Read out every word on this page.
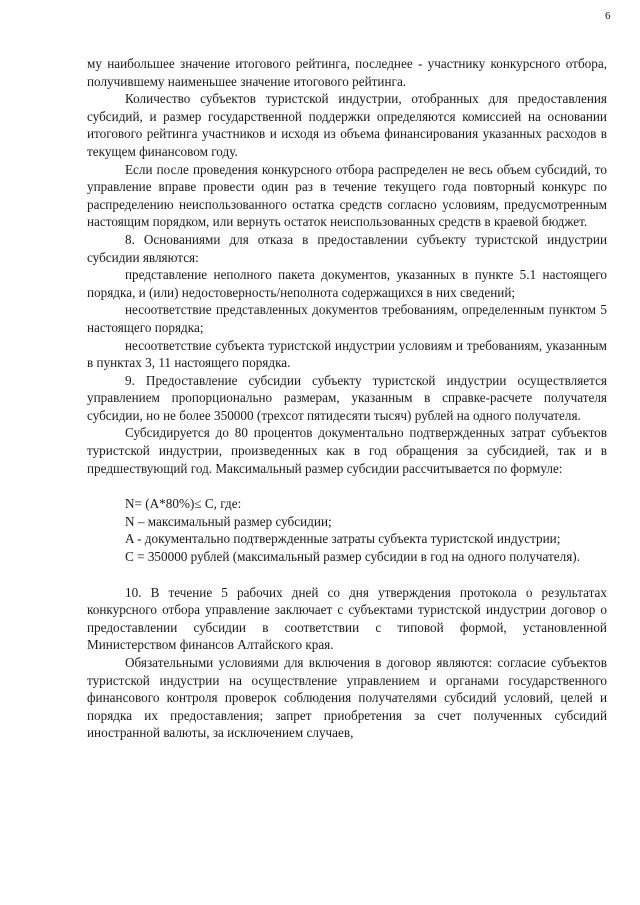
6

му наибольшее значение итогового рейтинга, последнее - участнику конкурсного отбора, получившему наименьшее значение итогового рейтинга.

Количество субъектов туристской индустрии, отобранных для предоставления субсидий, и размер государственной поддержки определяются комиссией на основании итогового рейтинга участников и исходя из объема финансирования указанных расходов в текущем финансовом году.

Если после проведения конкурсного отбора распределен не весь объем субсидий, то управление вправе провести один раз в течение текущего года повторный конкурс по распределению неиспользованного остатка средств согласно условиям, предусмотренным настоящим порядком, или вернуть остаток неиспользованных средств в краевой бюджет.

8. Основаниями для отказа в предоставлении субъекту туристской индустрии субсидии являются:

представление неполного пакета документов, указанных в пункте 5.1 настоящего порядка, и (или) недостоверность/неполнота содержащихся в них сведений;

несоответствие представленных документов требованиям, определенным пунктом 5 настоящего порядка;

несоответствие субъекта туристской индустрии условиям и требованиям, указанным в пунктах 3, 11 настоящего порядка.

9. Предоставление субсидии субъекту туристской индустрии осуществляется управлением пропорционально размерам, указанным в справке-расчете получателя субсидии, но не более 350000 (трехсот пятидесяти тысяч) рублей на одного получателя.

Субсидируется до 80 процентов документально подтвержденных затрат субъектов туристской индустрии, произведенных как в год обращения за субсидией, так и в предшествующий год. Максимальный размер субсидии рассчитывается по формуле:

N= (A*80%)≤ C, где:

N – максимальный размер субсидии;

A - документально подтвержденные затраты субъекта туристской индустрии;

C = 350000 рублей (максимальный размер субсидии в год на одного получателя).

10. В течение 5 рабочих дней со дня утверждения протокола о результатах конкурсного отбора управление заключает с субъектами туристской индустрии договор о предоставлении субсидии в соответствии с типовой формой, установленной Министерством финансов Алтайского края.

Обязательными условиями для включения в договор являются: согласие субъектов туристской индустрии на осуществление управлением и органами государственного финансового контроля проверок соблюдения получателями субсидий условий, целей и порядка их предоставления; запрет приобретения за счет полученных субсидий иностранной валюты, за исключением случаев,
